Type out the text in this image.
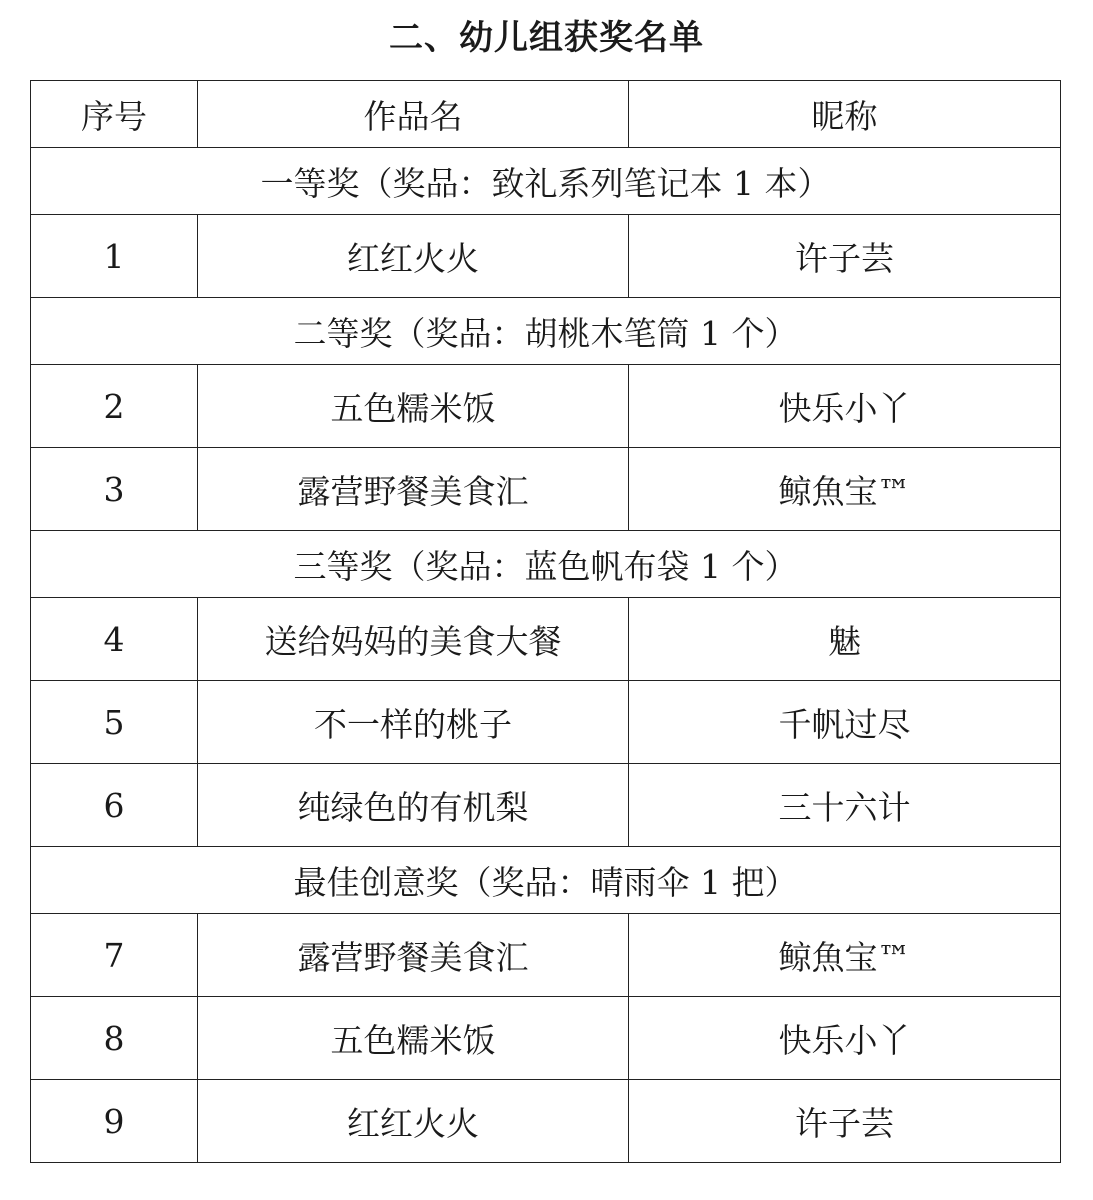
二、幼儿组获奖名单
序号	作品名	昵称
一等奖（奖品：致礼系列笔记本 1 本）		
1	红红火火	许子芸
二等奖（奖品：胡桃木笔筒 1 个）		
2	五色糯米饭	快乐小丫
3	露营野餐美食汇	鲸魚宝™
三等奖（奖品：蓝色帆布袋 1 个）		
4	送给妈妈的美食大餐	魅
5	不一样的桃子	千帆过尽
6	纯绿色的有机梨	三十六计
最佳创意奖（奖品：晴雨伞 1 把）		
7	露营野餐美食汇	鲸魚宝™
8	五色糯米饭	快乐小丫
9	红红火火	许子芸
